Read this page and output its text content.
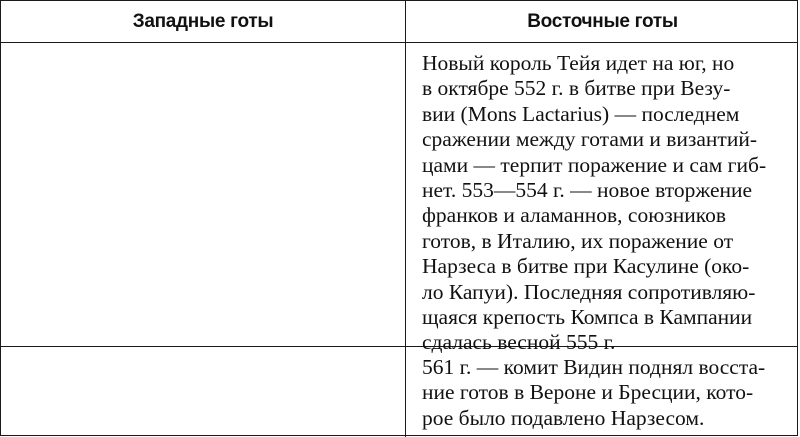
Западные готы	Восточные готы

Новый король Тейя идет на юг, но
в октябре 552 г. в битве при Везу-
вии (Mons Lactarius) — последнем
сражении между готами и византий-
цами — терпит поражение и сам гиб-
нет. 553—554 г. — новое вторжение
франков и аламаннов, союзников
готов, в Италию, их поражение от
Нарзеса в битве при Касулине (око-
ло Капуи). Последняя сопротивляю-
щаяся крепость Компса в Кампании
сдалась весной 555 г.

561 г. — комит Видин поднял восста-
ние готов в Вероне и Бресции, кото-
рое было подавлено Нарзесом.
